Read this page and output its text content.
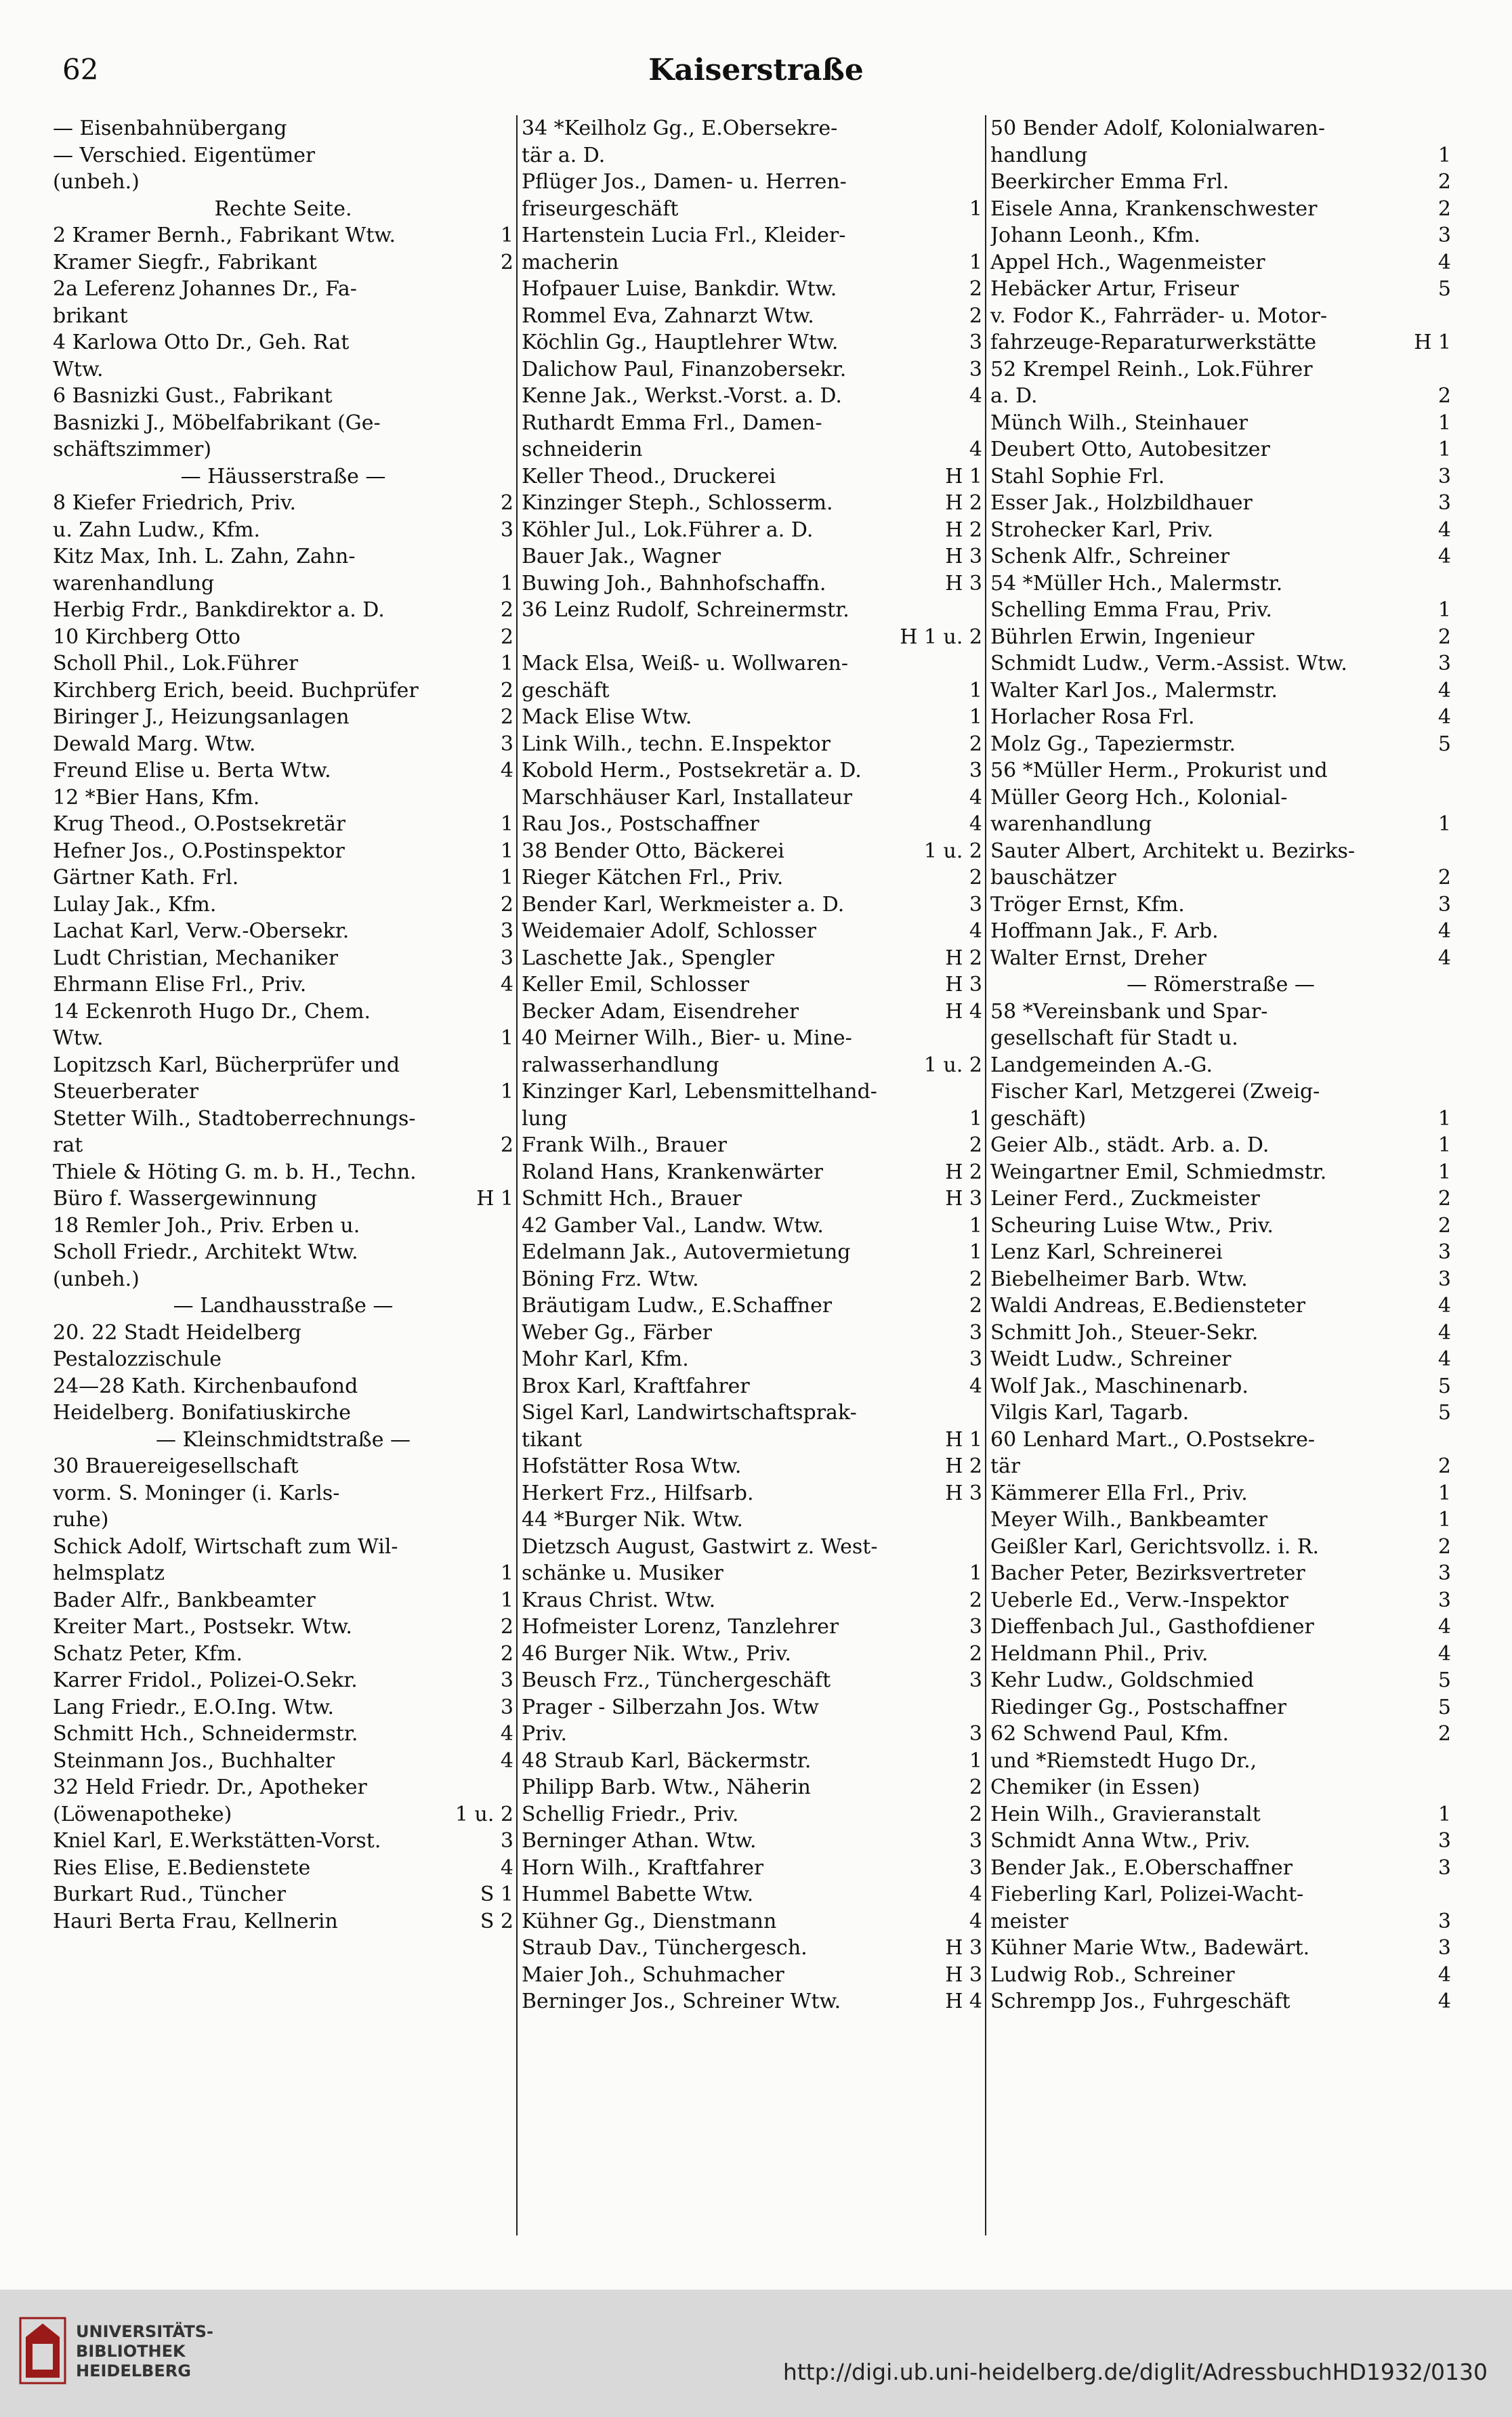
62	Kaiserstraße
— Eisenbahnübergang
— Verschied. Eigentümer
(unbeh.)
Rechte Seite.
1
2 Kramer Bernh., Fabrikant Wtw.
2
Kramer Siegfr., Fabrikant
2a Leferenz Johannes Dr., Fa-
brikant
4 Karlowa Otto Dr., Geh. Rat
Wtw.
6 Basnizki Gust., Fabrikant
Basnizki J., Möbelfabrikant (Ge-
schäftszimmer)
— Häusserstraße —
2
8 Kiefer Friedrich, Priv.
3
u. Zahn Ludw., Kfm.
Kitz Max, Inh. L. Zahn, Zahn-
1
warenhandlung
2
Herbig Frdr., Bankdirektor a. D.
2
10 Kirchberg Otto
1
Scholl Phil., Lok.Führer
2
Kirchberg Erich, beeid. Buchprüfer
2
Biringer J., Heizungsanlagen
3
Dewald Marg. Wtw.
4
Freund Elise u. Berta Wtw.
12 *Bier Hans, Kfm.
1
Krug Theod., O.Postsekretär
1
Hefner Jos., O.Postinspektor
1
Gärtner Kath. Frl.
2
Lulay Jak., Kfm.
3
Lachat Karl, Verw.-Obersekr.
3
Ludt Christian, Mechaniker
4
Ehrmann Elise Frl., Priv.
14 Eckenroth Hugo Dr., Chem.
1
Wtw.
Lopitzsch Karl, Bücherprüfer und
1
Steuerberater
Stetter Wilh., Stadtoberrechnungs-
2
rat
Thiele & Höting G. m. b. H., Techn.
H 1
Büro f. Wassergewinnung
18 Remler Joh., Priv. Erben u.
Scholl Friedr., Architekt Wtw.
(unbeh.)
— Landhausstraße —
20. 22 Stadt Heidelberg
Pestalozzischule
24—28 Kath. Kirchenbaufond
Heidelberg. Bonifatiuskirche
— Kleinschmidtstraße —
30 Brauereigesellschaft
vorm. S. Moninger (i. Karls-
ruhe)
Schick Adolf, Wirtschaft zum Wil-
1
helmsplatz
1
Bader Alfr., Bankbeamter
2
Kreiter Mart., Postsekr. Wtw.
2
Schatz Peter, Kfm.
3
Karrer Fridol., Polizei-O.Sekr.
3
Lang Friedr., E.O.Ing. Wtw.
4
Schmitt Hch., Schneidermstr.
4
Steinmann Jos., Buchhalter
32 Held Friedr. Dr., Apotheker
1 u. 2
(Löwenapotheke)
3
Kniel Karl, E.Werkstätten-Vorst.
4
Ries Elise, E.Bedienstete
S 1
Burkart Rud., Tüncher
S 2
Hauri Berta Frau, Kellnerin
34 *Keilholz Gg., E.Obersekre-
tär a. D.
Pflüger Jos., Damen- u. Herren-
1
friseurgeschäft
Hartenstein Lucia Frl., Kleider-
1
macherin
2
Hofpauer Luise, Bankdir. Wtw.
2
Rommel Eva, Zahnarzt Wtw.
3
Köchlin Gg., Hauptlehrer Wtw.
3
Dalichow Paul, Finanzobersekr.
4
Kenne Jak., Werkst.-Vorst. a. D.
Ruthardt Emma Frl., Damen-
4
schneiderin
H 1
Keller Theod., Druckerei
H 2
Kinzinger Steph., Schlosserm.
H 2
Köhler Jul., Lok.Führer a. D.
H 3
Bauer Jak., Wagner
H 3
Buwing Joh., Bahnhofschaffn.
36 Leinz Rudolf, Schreinermstr.
H 1 u. 2
Mack Elsa, Weiß- u. Wollwaren-
1
geschäft
1
Mack Elise Wtw.
2
Link Wilh., techn. E.Inspektor
3
Kobold Herm., Postsekretär a. D.
4
Marschhäuser Karl, Installateur
4
Rau Jos., Postschaffner
1 u. 2
38 Bender Otto, Bäckerei
2
Rieger Kätchen Frl., Priv.
3
Bender Karl, Werkmeister a. D.
4
Weidemaier Adolf, Schlosser
H 2
Laschette Jak., Spengler
H 3
Keller Emil, Schlosser
H 4
Becker Adam, Eisendreher
40 Meirner Wilh., Bier- u. Mine-
1 u. 2
ralwasserhandlung
Kinzinger Karl, Lebensmittelhand-
1
lung
2
Frank Wilh., Brauer
H 2
Roland Hans, Krankenwärter
H 3
Schmitt Hch., Brauer
1
42 Gamber Val., Landw. Wtw.
1
Edelmann Jak., Autovermietung
2
Böning Frz. Wtw.
2
Bräutigam Ludw., E.Schaffner
3
Weber Gg., Färber
3
Mohr Karl, Kfm.
4
Brox Karl, Kraftfahrer
Sigel Karl, Landwirtschaftsprak-
H 1
tikant
H 2
Hofstätter Rosa Wtw.
H 3
Herkert Frz., Hilfsarb.
44 *Burger Nik. Wtw.
Dietzsch August, Gastwirt z. West-
1
schänke u. Musiker
2
Kraus Christ. Wtw.
3
Hofmeister Lorenz, Tanzlehrer
2
46 Burger Nik. Wtw., Priv.
3
Beusch Frz., Tünchergeschäft
Prager - Silberzahn Jos. Wtw
3
Priv.
1
48 Straub Karl, Bäckermstr.
2
Philipp Barb. Wtw., Näherin
2
Schellig Friedr., Priv.
3
Berninger Athan. Wtw.
3
Horn Wilh., Kraftfahrer
4
Hummel Babette Wtw.
4
Kühner Gg., Dienstmann
H 3
Straub Dav., Tünchergesch.
H 3
Maier Joh., Schuhmacher
H 4
Berninger Jos., Schreiner Wtw.
50 Bender Adolf, Kolonialwaren-
1
handlung
2
Beerkircher Emma Frl.
2
Eisele Anna, Krankenschwester
3
Johann Leonh., Kfm.
4
Appel Hch., Wagenmeister
5
Hebäcker Artur, Friseur
v. Fodor K., Fahrräder- u. Motor-
H 1
fahrzeuge-Reparaturwerkstätte
52 Krempel Reinh., Lok.Führer
2
a. D.
1
Münch Wilh., Steinhauer
1
Deubert Otto, Autobesitzer
3
Stahl Sophie Frl.
3
Esser Jak., Holzbildhauer
4
Strohecker Karl, Priv.
4
Schenk Alfr., Schreiner
54 *Müller Hch., Malermstr.
1
Schelling Emma Frau, Priv.
2
Bührlen Erwin, Ingenieur
3
Schmidt Ludw., Verm.-Assist. Wtw.
4
Walter Karl Jos., Malermstr.
4
Horlacher Rosa Frl.
5
Molz Gg., Tapeziermstr.
56 *Müller Herm., Prokurist und
Müller Georg Hch., Kolonial-
1
warenhandlung
Sauter Albert, Architekt u. Bezirks-
2
bauschätzer
3
Tröger Ernst, Kfm.
4
Hoffmann Jak., F. Arb.
4
Walter Ernst, Dreher
— Römerstraße —
58 *Vereinsbank und Spar-
gesellschaft für Stadt u.
Landgemeinden A.-G.
Fischer Karl, Metzgerei (Zweig-
1
geschäft)
1
Geier Alb., städt. Arb. a. D.
1
Weingartner Emil, Schmiedmstr.
2
Leiner Ferd., Zuckmeister
2
Scheuring Luise Wtw., Priv.
3
Lenz Karl, Schreinerei
3
Biebelheimer Barb. Wtw.
4
Waldi Andreas, E.Bediensteter
4
Schmitt Joh., Steuer-Sekr.
4
Weidt Ludw., Schreiner
5
Wolf Jak., Maschinenarb.
5
Vilgis Karl, Tagarb.
60 Lenhard Mart., O.Postsekre-
2
tär
1
Kämmerer Ella Frl., Priv.
1
Meyer Wilh., Bankbeamter
2
Geißler Karl, Gerichtsvollz. i. R.
3
Bacher Peter, Bezirksvertreter
3
Ueberle Ed., Verw.-Inspektor
4
Dieffenbach Jul., Gasthofdiener
4
Heldmann Phil., Priv.
5
Kehr Ludw., Goldschmied
5
Riedinger Gg., Postschaffner
2
62 Schwend Paul, Kfm.
und *Riemstedt Hugo Dr.,
Chemiker (in Essen)
1
Hein Wilh., Gravieranstalt
3
Schmidt Anna Wtw., Priv.
3
Bender Jak., E.Oberschaffner
Fieberling Karl, Polizei-Wacht-
3
meister
3
Kühner Marie Wtw., Badewärt.
4
Ludwig Rob., Schreiner
4
Schrempp Jos., Fuhrgeschäft
UNIVERSITÄTS-
BIBLIOTHEK
HEIDELBERG	http://digi.ub.uni-heidelberg.de/diglit/AdressbuchHD1932/0130
